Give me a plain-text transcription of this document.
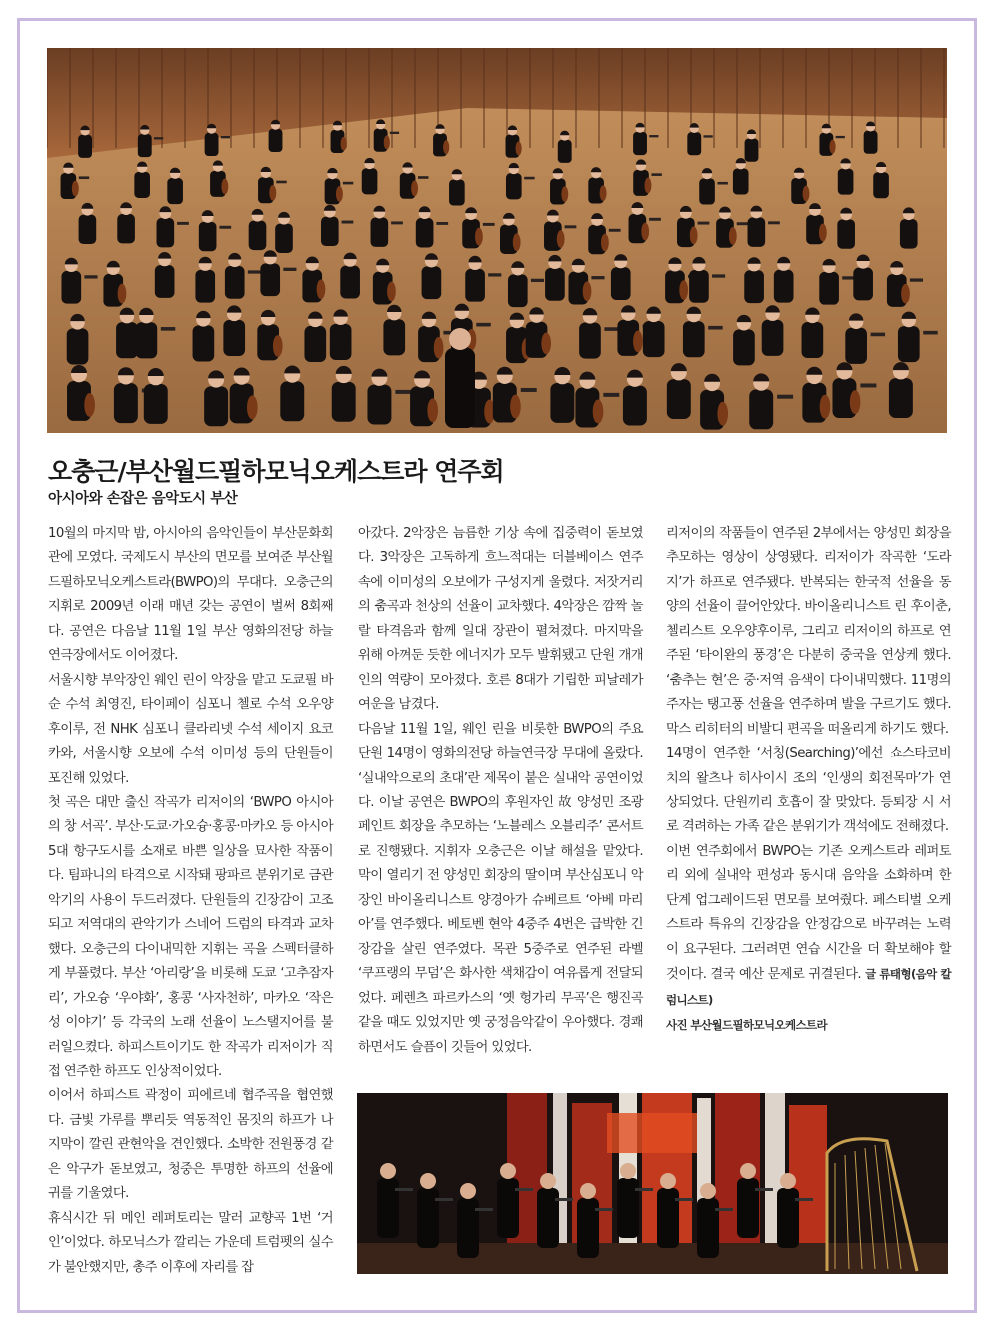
오충근/부산월드필하모닉오케스트라 연주회
아시아와 손잡은 음악도시 부산

10월의 마지막 밤, 아시아의 음악인들이 부산문화회관에 모였다. 국제도시 부산의 면모를 보여준 부산월드필하모닉오케스트라(BWPO)의 무대다. 오충근의 지휘로 2009년 이래 매년 갖는 공연이 벌써 8회째다. 공연은 다음날 11월 1일 부산 영화의전당 하늘연극장에서도 이어졌다.

서울시향 부악장인 웨인 린이 악장을 맡고 도쿄필 바순 수석 최영진, 타이페이 심포니 첼로 수석 오우양후이루, 전 NHK 심포니 클라리넷 수석 세이지 요코카와, 서울시향 오보에 수석 이미성 등의 단원들이 포진해 있었다.

첫 곡은 대만 출신 작곡가 리저이의 ‘BWPO 아시아의 창 서곡’. 부산·도쿄·가오슝·홍콩·마카오 등 아시아 5대 항구도시를 소재로 바쁜 일상을 묘사한 작품이다. 팀파니의 타격으로 시작돼 팡파르 분위기로 금관악기의 사용이 두드러졌다. 단원들의 긴장감이 고조되고 저역대의 관악기가 스네어 드럼의 타격과 교차했다. 오충근의 다이내믹한 지휘는 곡을 스펙터클하게 부풀렸다. 부산 ‘아리랑’을 비롯해 도쿄 ‘고추잠자리’, 가오슝 ‘우야화’, 홍콩 ‘사자천하’, 마카오 ‘작은 성 이야기’ 등 각국의 노래 선율이 노스탤지어를 불러일으켰다. 하피스트이기도 한 작곡가 리저이가 직접 연주한 하프도 인상적이었다.

이어서 하피스트 곽정이 피에르네 협주곡을 협연했다. 금빛 가루를 뿌리듯 역동적인 몸짓의 하프가 나지막이 깔린 관현악을 견인했다. 소박한 전원풍경 같은 악구가 돋보였고, 청중은 투명한 하프의 선율에 귀를 기울였다.

휴식시간 뒤 메인 레퍼토리는 말러 교향곡 1번 ‘거인’이었다. 하모닉스가 깔리는 가운데 트럼펫의 실수가 불안했지만, 총주 이후에 자리를 잡

아갔다. 2악장은 늠름한 기상 속에 집중력이 돋보였다. 3악장은 고독하게 흐느적대는 더블베이스 연주 속에 이미성의 오보에가 구성지게 울렸다. 저잣거리의 춤곡과 천상의 선율이 교차했다. 4악장은 깜짝 놀랄 타격음과 함께 일대 장관이 펼쳐졌다. 마지막을 위해 아껴둔 듯한 에너지가 모두 발휘됐고 단원 개개인의 역량이 모아졌다. 호른 8대가 기립한 피날레가 여운을 남겼다.

다음날 11월 1일, 웨인 린을 비롯한 BWPO의 주요 단원 14명이 영화의전당 하늘연극장 무대에 올랐다. ‘실내악으로의 초대’란 제목이 붙은 실내악 공연이었다. 이날 공연은 BWPO의 후원자인 故 양성민 조광페인트 회장을 추모하는 ‘노블레스 오블리주’ 콘서트로 진행됐다. 지휘자 오충근은 이날 해설을 맡았다. 막이 열리기 전 양성민 회장의 딸이며 부산심포니 악장인 바이올리니스트 양경아가 슈베르트 ‘아베 마리아’를 연주했다. 베토벤 현악 4중주 4번은 급박한 긴장감을 살린 연주였다. 목관 5중주로 연주된 라벨 ‘쿠프랭의 무덤’은 화사한 색채감이 여유롭게 전달되었다. 페렌츠 파르카스의 ‘옛 헝가리 무곡’은 행진곡 같을 때도 있었지만 옛 궁정음악같이 우아했다. 경쾌하면서도 슬픔이 깃들어 있었다.

리저이의 작품들이 연주된 2부에서는 양성민 회장을 추모하는 영상이 상영됐다. 리저이가 작곡한 ‘도라지’가 하프로 연주됐다. 반복되는 한국적 선율을 동양의 선율이 끌어안았다. 바이올리니스트 린 후이춘, 첼리스트 오우양후이루, 그리고 리저이의 하프로 연주된 ‘타이완의 풍경’은 다분히 중국을 연상케 했다. ‘춤추는 현’은 중·저역 음색이 다이내믹했다. 11명의 주자는 탱고풍 선율을 연주하며 발을 구르기도 했다. 막스 리히터의 비발디 편곡을 떠올리게 하기도 했다.

14명이 연주한 ‘서칭(Searching)’에선 쇼스타코비치의 왈츠나 히사이시 조의 ‘인생의 회전목마’가 연상되었다. 단원끼리 호흡이 잘 맞았다. 등퇴장 시 서로 격려하는 가족 같은 분위기가 객석에도 전해졌다.

이번 연주회에서 BWPO는 기존 오케스트라 레퍼토리 외에 실내악 편성과 동시대 음악을 소화하며 한 단계 업그레이드된 면모를 보여줬다. 페스티벌 오케스트라 특유의 긴장감을 안정감으로 바꾸려는 노력이 요구된다. 그러려면 연습 시간을 더 확보해야 할 것이다. 결국 예산 문제로 귀결된다. 글 류태형(음악 칼럼니스트)

사진 부산월드필하모닉오케스트라
